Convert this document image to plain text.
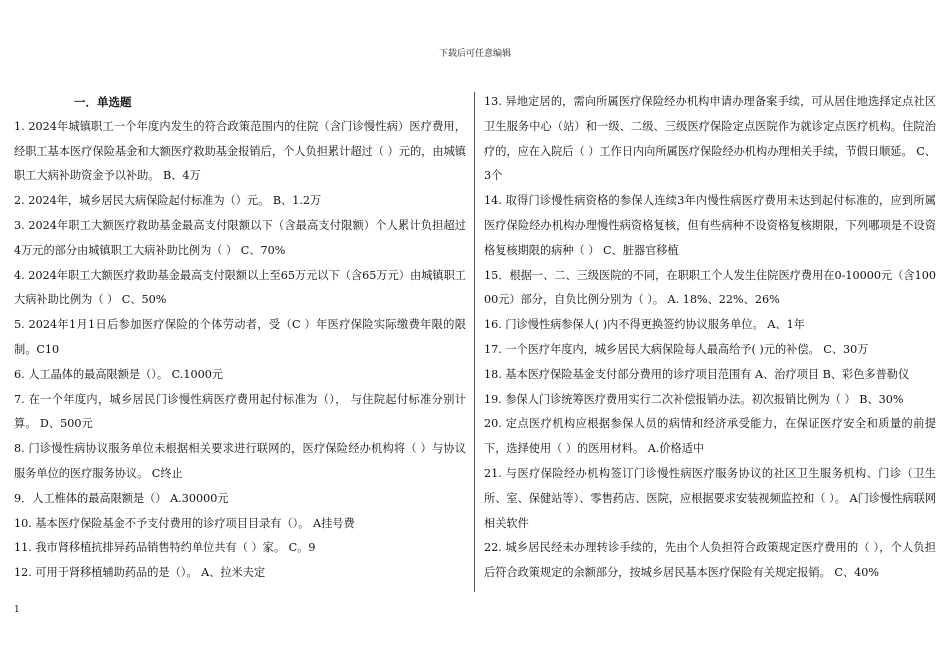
下载后可任意编辑
一．单选题

1. 2024年城镇职工一个年度内发生的符合政策范围内的住院（含门诊慢性病）医疗费用，经职工基本医疗保险基金和大额医疗救助基金报销后，个人负担累计超过（ ）元的，由城镇职工大病补助资金予以补助。 B、4万

2. 2024年，城乡居民大病保险起付标准为（）元。 B、1.2万

3. 2024年职工大额医疗救助基金最高支付限额以下（含最高支付限额）个人累计负担超过4万元的部分由城镇职工大病补助比例为（ ） C、70%

4. 2024年职工大额医疗救助基金最高支付限额以上至65万元以下（含65万元）由城镇职工大病补助比例为（ ） C、50%

5. 2024年1月1日后参加医疗保险的个体劳动者，受（C ）年医疗保险实际缴费年限的限制。C10

6. 人工晶体的最高限额是（）。 C.1000元

7. 在一个年度内，城乡居民门诊慢性病医疗费用起付标准为（）， 与住院起付标准分别计算。 D、500元

8. 门诊慢性病协议服务单位未根据相关要求进行联网的，医疗保险经办机构将（ ）与协议服务单位的医疗服务协议。 C终止

9．人工椎体的最高限额是（） A.30000元

10. 基本医疗保险基金不予支付费用的诊疗项目目录有（）。 A挂号费

11. 我市肾移植抗排异药品销售特约单位共有（ ）家。 C。9

12. 可用于肾移植辅助药品的是（）。 A、拉米夫定

13. 异地定居的，需向所属医疗保险经办机构申请办理备案手续，可从居住地选择定点社区卫生服务中心（站）和一级、二级、三级医疗保险定点医院作为就诊定点医疗机构。住院治疗的，应在入院后（ ）工作日内向所属医疗保险经办机构办理相关手续，节假日顺延。 C、3个

14. 取得门诊慢性病资格的参保人连续3年内慢性病医疗费用未达到起付标准的，应到所属医疗保险经办机构办理慢性病资格复核，但有些病种不设资格复核期限，下列哪项是不设资格复核期限的病种（ ） C、脏器官移植

15．根据一、二、三级医院的不同，在职职工个人发生住院医疗费用在0-10000元（含10000元）部分，自负比例分别为（ ）。 A. 18%、22%、26%

16. 门诊慢性病参保人( )内不得更换签约协议服务单位。 A、1年

17. 一个医疗年度内，城乡居民大病保险每人最高给予( )元的补偿。 C、30万

18. 基本医疗保险基金支付部分费用的诊疗项目范围有 A、治疗项目 B、彩色多普勒仪

19. 参保人门诊统筹医疗费用实行二次补偿报销办法。初次报销比例为（ ） B、30%

20. 定点医疗机构应根据参保人员的病情和经济承受能力，在保证医疗安全和质量的前提下，选择使用（ ）的医用材料。 A.价格适中

21. 与医疗保险经办机构签订门诊慢性病医疗服务协议的社区卫生服务机构、门诊（卫生所、室、保健站等）、零售药店、医院，应根据要求安装视频监控和（ ）。 A门诊慢性病联网相关软件

22. 城乡居民经未办理转诊手续的，先由个人负担符合政策规定医疗费用的（ ），个人负担后符合政策规定的余额部分，按城乡居民基本医疗保险有关规定报销。 C、40%

1
